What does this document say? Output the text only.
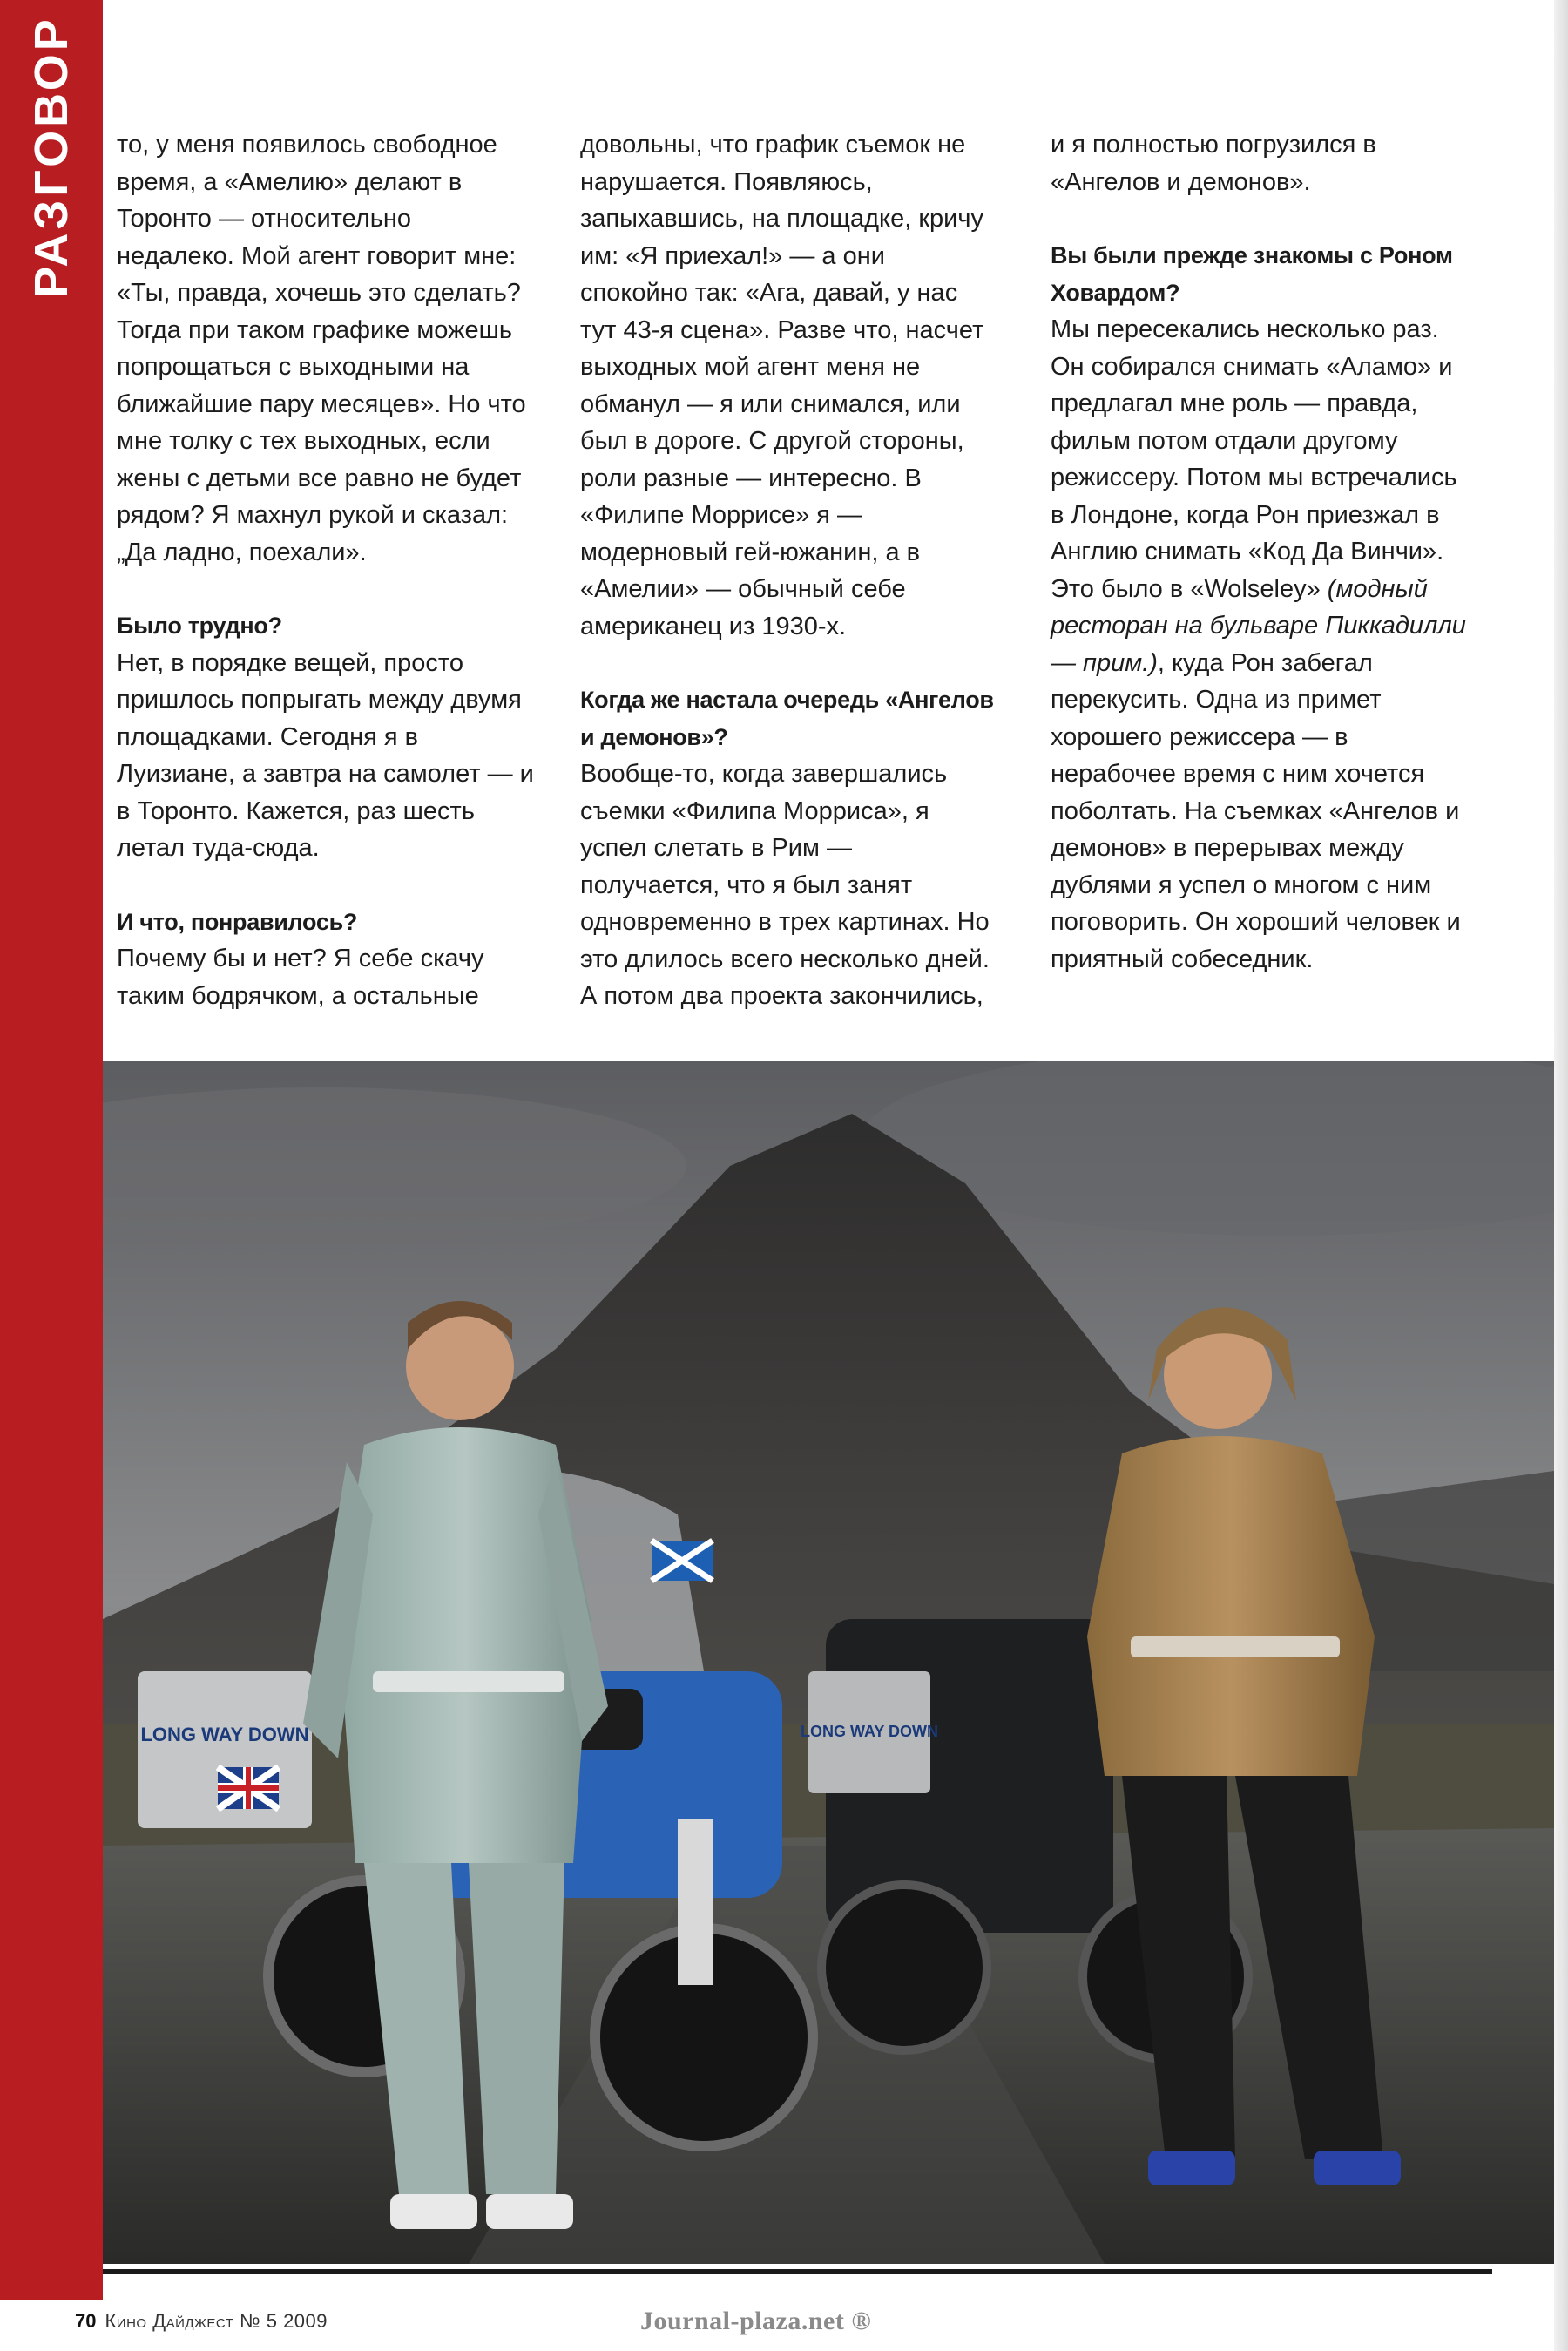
РАЗГОВОР то, у меня появилось свободное время, а «Амелию» делают в Торонто — относительно недалеко. Мой агент говорит мне: «Ты, правда, хочешь это сделать? Тогда при таком графике можешь попрощаться с выходными на ближайшие пару месяцев». Но что мне толку с тех выходных, если жены с детьми все равно не будет рядом? Я махнул рукой и сказал: „Да ладно, поехали».

Было трудно?

Нет, в порядке вещей, просто пришлось попрыгать между двумя площадками. Сегодня я в Луизиане, а завтра на самолет — и в Торонто. Кажется, раз шесть летал туда-сюда.

И что, понравилось?

Почему бы и нет? Я себе скачу таким бодрячком, а остальные

довольны, что график съемок не нарушается. Появляюсь, запыхавшись, на площадке, кричу им: «Я приехал!» — а они спокойно так: «Ага, давай, у нас тут 43-я сцена». Разве что, насчет выходных мой агент меня не обманул — я или снимался, или был в дороге. С другой стороны, роли разные — интересно. В «Филипе Моррисе» я — модерновый гей-южанин, а в «Амелии» — обычный себе американец из 1930-х.

Когда же настала очередь «Ангелов и демонов»?

Вообще-то, когда завершались съемки «Филипа Морриса», я успел слетать в Рим — получается, что я был занят одновременно в трех картинах. Но это длилось всего несколько дней. А потом два проекта закончились,

и я полностью погрузился в «Ангелов и демонов».

Вы были прежде знакомы с Роном Ховардом?

Мы пересекались несколько раз. Он собирался снимать «Аламо» и предлагал мне роль — правда, фильм потом отдали другому режиссеру. Потом мы встречались в Лондоне, когда Рон приезжал в Англию снимать «Код Да Винчи». Это было в «Wolseley» (модный ресторан на бульваре Пиккадилли — прим.), куда Рон забегал перекусить. Одна из примет хорошего режиссера — в нерабочее время с ним хочется поболтать. На съемках «Ангелов и демонов» в перерывах между дублями я успел о многом с ним поговорить. Он хороший человек и приятный собеседник.

LONG WAY DOWN
LONG WAY DOWN
70 Кино Дайджест № 5 2009	Journal-plaza.net ®
